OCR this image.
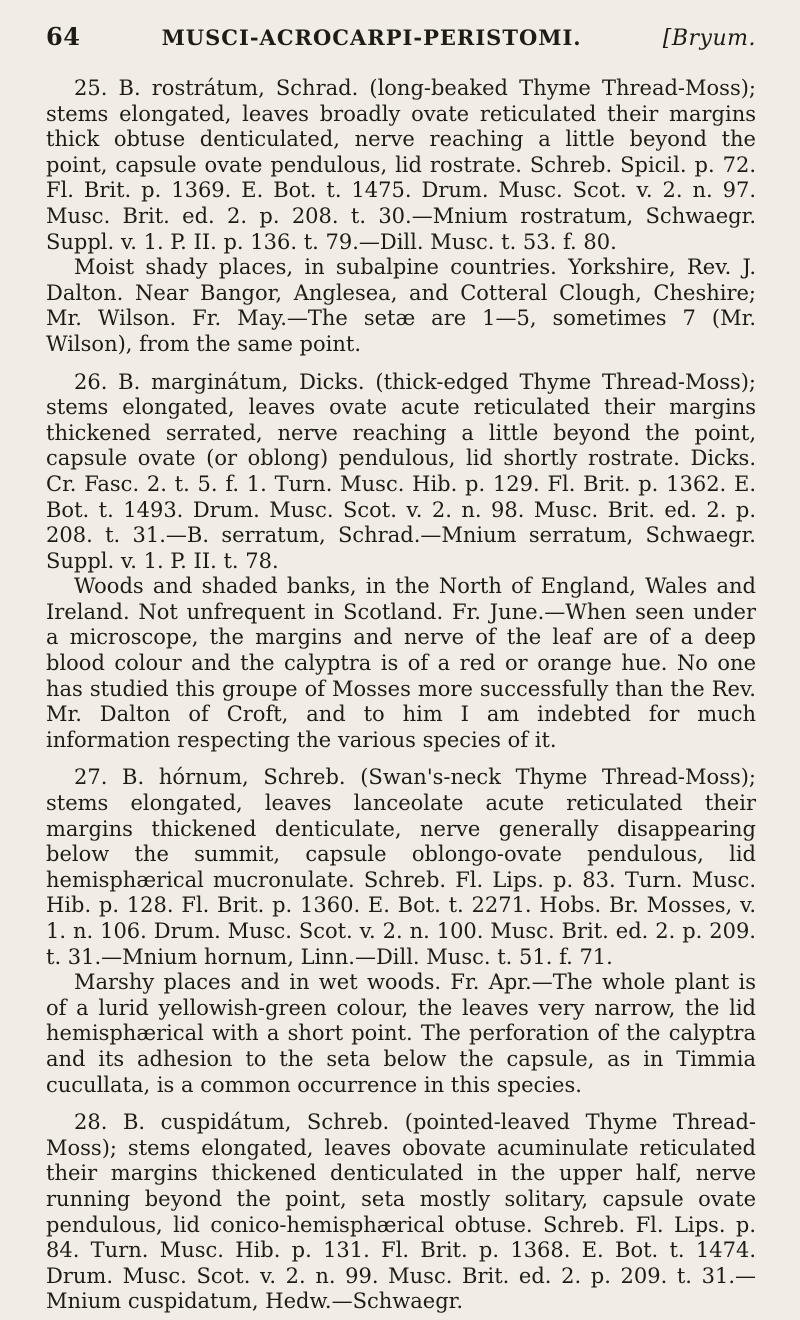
64	MUSCI-ACROCARPI-PERISTOMI.	[Bryum.

25. B. rostrátum, Schrad. (long-beaked Thyme Thread-Moss); stems elongated, leaves broadly ovate reticulated their margins thick obtuse denticulated, nerve reaching a little beyond the point, capsule ovate pendulous, lid rostrate. Schreb. Spicil. p. 72. Fl. Brit. p. 1369. E. Bot. t. 1475. Drum. Musc. Scot. v. 2. n. 97. Musc. Brit. ed. 2. p. 208. t. 30.—Mnium rostratum, Schwaegr. Suppl. v. 1. P. II. p. 136. t. 79.—Dill. Musc. t. 53. f. 80.

Moist shady places, in subalpine countries. Yorkshire, Rev. J. Dalton. Near Bangor, Anglesea, and Cotteral Clough, Cheshire; Mr. Wilson. Fr. May.—The setæ are 1—5, sometimes 7 (Mr. Wilson), from the same point.

26. B. marginátum, Dicks. (thick-edged Thyme Thread-Moss); stems elongated, leaves ovate acute reticulated their margins thickened serrated, nerve reaching a little beyond the point, capsule ovate (or oblong) pendulous, lid shortly rostrate. Dicks. Cr. Fasc. 2. t. 5. f. 1. Turn. Musc. Hib. p. 129. Fl. Brit. p. 1362. E. Bot. t. 1493. Drum. Musc. Scot. v. 2. n. 98. Musc. Brit. ed. 2. p. 208. t. 31.—B. serratum, Schrad.—Mnium serratum, Schwaegr. Suppl. v. 1. P. II. t. 78.

Woods and shaded banks, in the North of England, Wales and Ireland. Not unfrequent in Scotland. Fr. June.—When seen under a microscope, the margins and nerve of the leaf are of a deep blood colour and the calyptra is of a red or orange hue. No one has studied this groupe of Mosses more successfully than the Rev. Mr. Dalton of Croft, and to him I am indebted for much information respecting the various species of it.

27. B. hórnum, Schreb. (Swan's-neck Thyme Thread-Moss); stems elongated, leaves lanceolate acute reticulated their margins thickened denticulate, nerve generally disappearing below the summit, capsule oblongo-ovate pendulous, lid hemisphærical mucronulate. Schreb. Fl. Lips. p. 83. Turn. Musc. Hib. p. 128. Fl. Brit. p. 1360. E. Bot. t. 2271. Hobs. Br. Mosses, v. 1. n. 106. Drum. Musc. Scot. v. 2. n. 100. Musc. Brit. ed. 2. p. 209. t. 31.—Mnium hornum, Linn.—Dill. Musc. t. 51. f. 71.

Marshy places and in wet woods. Fr. Apr.—The whole plant is of a lurid yellowish-green colour, the leaves very narrow, the lid hemisphærical with a short point. The perforation of the calyptra and its adhesion to the seta below the capsule, as in Timmia cucullata, is a common occurrence in this species.

28. B. cuspidátum, Schreb. (pointed-leaved Thyme Thread-Moss); stems elongated, leaves obovate acuminulate reticulated their margins thickened denticulated in the upper half, nerve running beyond the point, seta mostly solitary, capsule ovate pendulous, lid conico-hemisphærical obtuse. Schreb. Fl. Lips. p. 84. Turn. Musc. Hib. p. 131. Fl. Brit. p. 1368. E. Bot. t. 1474. Drum. Musc. Scot. v. 2. n. 99. Musc. Brit. ed. 2. p. 209. t. 31.—Mnium cuspidatum, Hedw.—Schwaegr.
